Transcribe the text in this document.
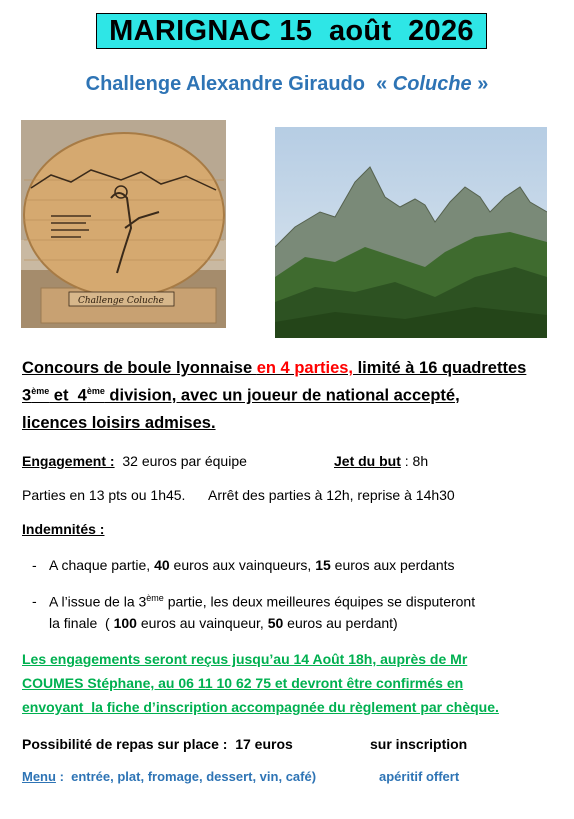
MARIGNAC 15  août  2026
Challenge Alexandre Giraudo  « Coluche »
Challenge Coluche
Concours de boule lyonnaise en 4 parties, limité à 16 quadrettes
3ème et  4ème division, avec un joueur de national accepté,
licences loisirs admises.
Engagement :  32 euros par équipe	Jet du but : 8h
Parties en 13 pts ou 1h45.      Arrêt des parties à 12h, reprise à 14h30
Indemnités :
- A chaque partie, 40 euros aux vainqueurs, 15 euros aux perdants
- A l’issue de la 3ème partie, les deux meilleures équipes se disputeront
la finale  ( 100 euros au vainqueur, 50 euros au perdant)
Les engagements seront reçus jusqu’au 14 Août 18h, auprès de Mr
COUMES Stéphane, au 06 11 10 62 75 et devront être confirmés en
envoyant  la fiche d’inscription accompagnée du règlement par chèque.
Possibilité de repas sur place :  17 euros	sur inscription
Menu :  entrée, plat, fromage, dessert, vin, café)	apéritif offert
